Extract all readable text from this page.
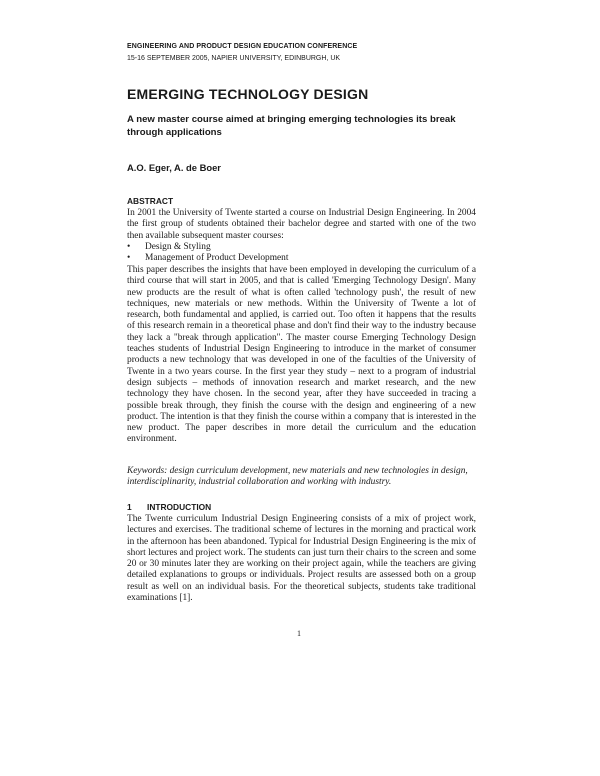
ENGINEERING AND PRODUCT DESIGN EDUCATION CONFERENCE
15-16 SEPTEMBER 2005, NAPIER UNIVERSITY, EDINBURGH, UK
EMERGING TECHNOLOGY DESIGN
A new master course aimed at bringing emerging technologies its break through applications
A.O. Eger, A. de Boer
ABSTRACT
In 2001 the University of Twente started a course on Industrial Design Engineering. In 2004 the first group of students obtained their bachelor degree and started with one of the two then available subsequent master courses:
•	Design & Styling
•	Management of Product Development
This paper describes the insights that have been employed in developing the curriculum of a third course that will start in 2005, and that is called 'Emerging Technology Design'. Many new products are the result of what is often called 'technology push', the result of new techniques, new materials or new methods. Within the University of Twente a lot of research, both fundamental and applied, is carried out. Too often it happens that the results of this research remain in a theoretical phase and don't find their way to the industry because they lack a "break through application". The master course Emerging Technology Design teaches students of Industrial Design Engineering to introduce in the market of consumer products a new technology that was developed in one of the faculties of the University of Twente in a two years course. In the first year they study – next to a program of industrial design subjects – methods of innovation research and market research, and the new technology they have chosen. In the second year, after they have succeeded in tracing a possible break through, they finish the course with the design and engineering of a new product. The intention is that they finish the course within a company that is interested in the new product. The paper describes in more detail the curriculum and the education environment.
Keywords: design curriculum development, new materials and new technologies in design, interdisciplinarity, industrial collaboration and working with industry.
1 INTRODUCTION
The Twente curriculum Industrial Design Engineering consists of a mix of project work, lectures and exercises. The traditional scheme of lectures in the morning and practical work in the afternoon has been abandoned. Typical for Industrial Design Engineering is the mix of short lectures and project work. The students can just turn their chairs to the screen and some 20 or 30 minutes later they are working on their project again, while the teachers are giving detailed explanations to groups or individuals. Project results are assessed both on a group result as well on an individual basis. For the theoretical subjects, students take traditional examinations [1].
1
